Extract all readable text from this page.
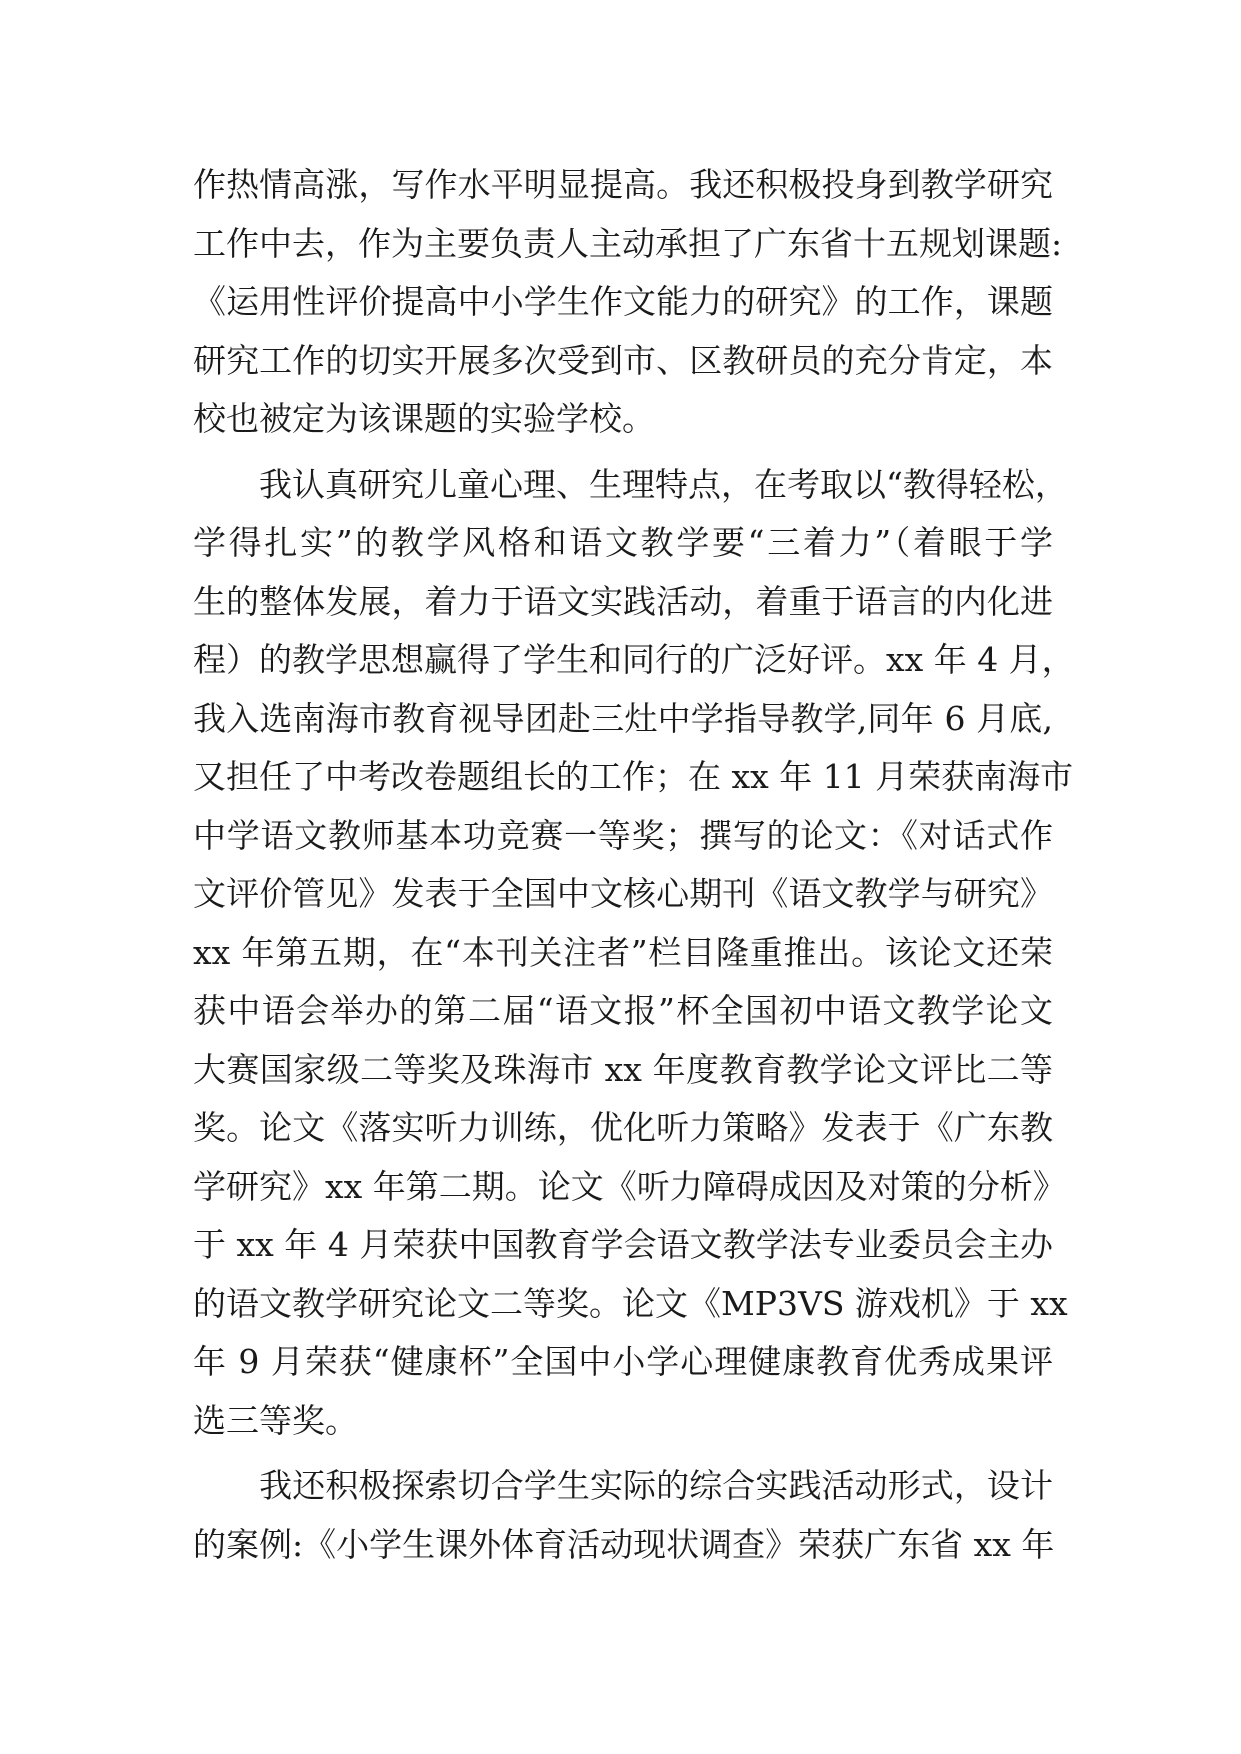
作热情高涨，写作水平明显提高。我还积极投身到教学研究
工作中去，作为主要负责人主动承担了广东省十五规划课题:
《运用性评价提高中小学生作文能力的研究》的工作，课题
研究工作的切实开展多次受到市、区教研员的充分肯定，本
校也被定为该课题的实验学校。
　　我认真研究儿童心理、生理特点，在考取以“教得轻松，
学得扎实”的教学风格和语文教学要“三着力”（着眼于学
生的整体发展，着力于语文实践活动，着重于语言的内化进
程）的教学思想赢得了学生和同行的广泛好评。xx 年 4 月，
我入选南海市教育视导团赴三灶中学指导教学,同年 6 月底,
又担任了中考改卷题组长的工作；在 xx 年 11 月荣获南海市
中学语文教师基本功竞赛一等奖；撰写的论文：《对话式作
文评价管见》发表于全国中文核心期刊《语文教学与研究》
xx 年第五期，在“本刊关注者”栏目隆重推出。该论文还荣
获中语会举办的第二届“语文报”杯全国初中语文教学论文
大赛国家级二等奖及珠海市 xx 年度教育教学论文评比二等
奖。论文《落实听力训练，优化听力策略》发表于《广东教
学研究》xx 年第二期。论文《听力障碍成因及对策的分析》
于 xx 年 4 月荣获中国教育学会语文教学法专业委员会主办
的语文教学研究论文二等奖。论文《MP3VS 游戏机》于 xx
年 9 月荣获“健康杯”全国中小学心理健康教育优秀成果评
选三等奖。
　　我还积极探索切合学生实际的综合实践活动形式，设计
的案例:《小学生课外体育活动现状调查》荣获广东省 xx 年
